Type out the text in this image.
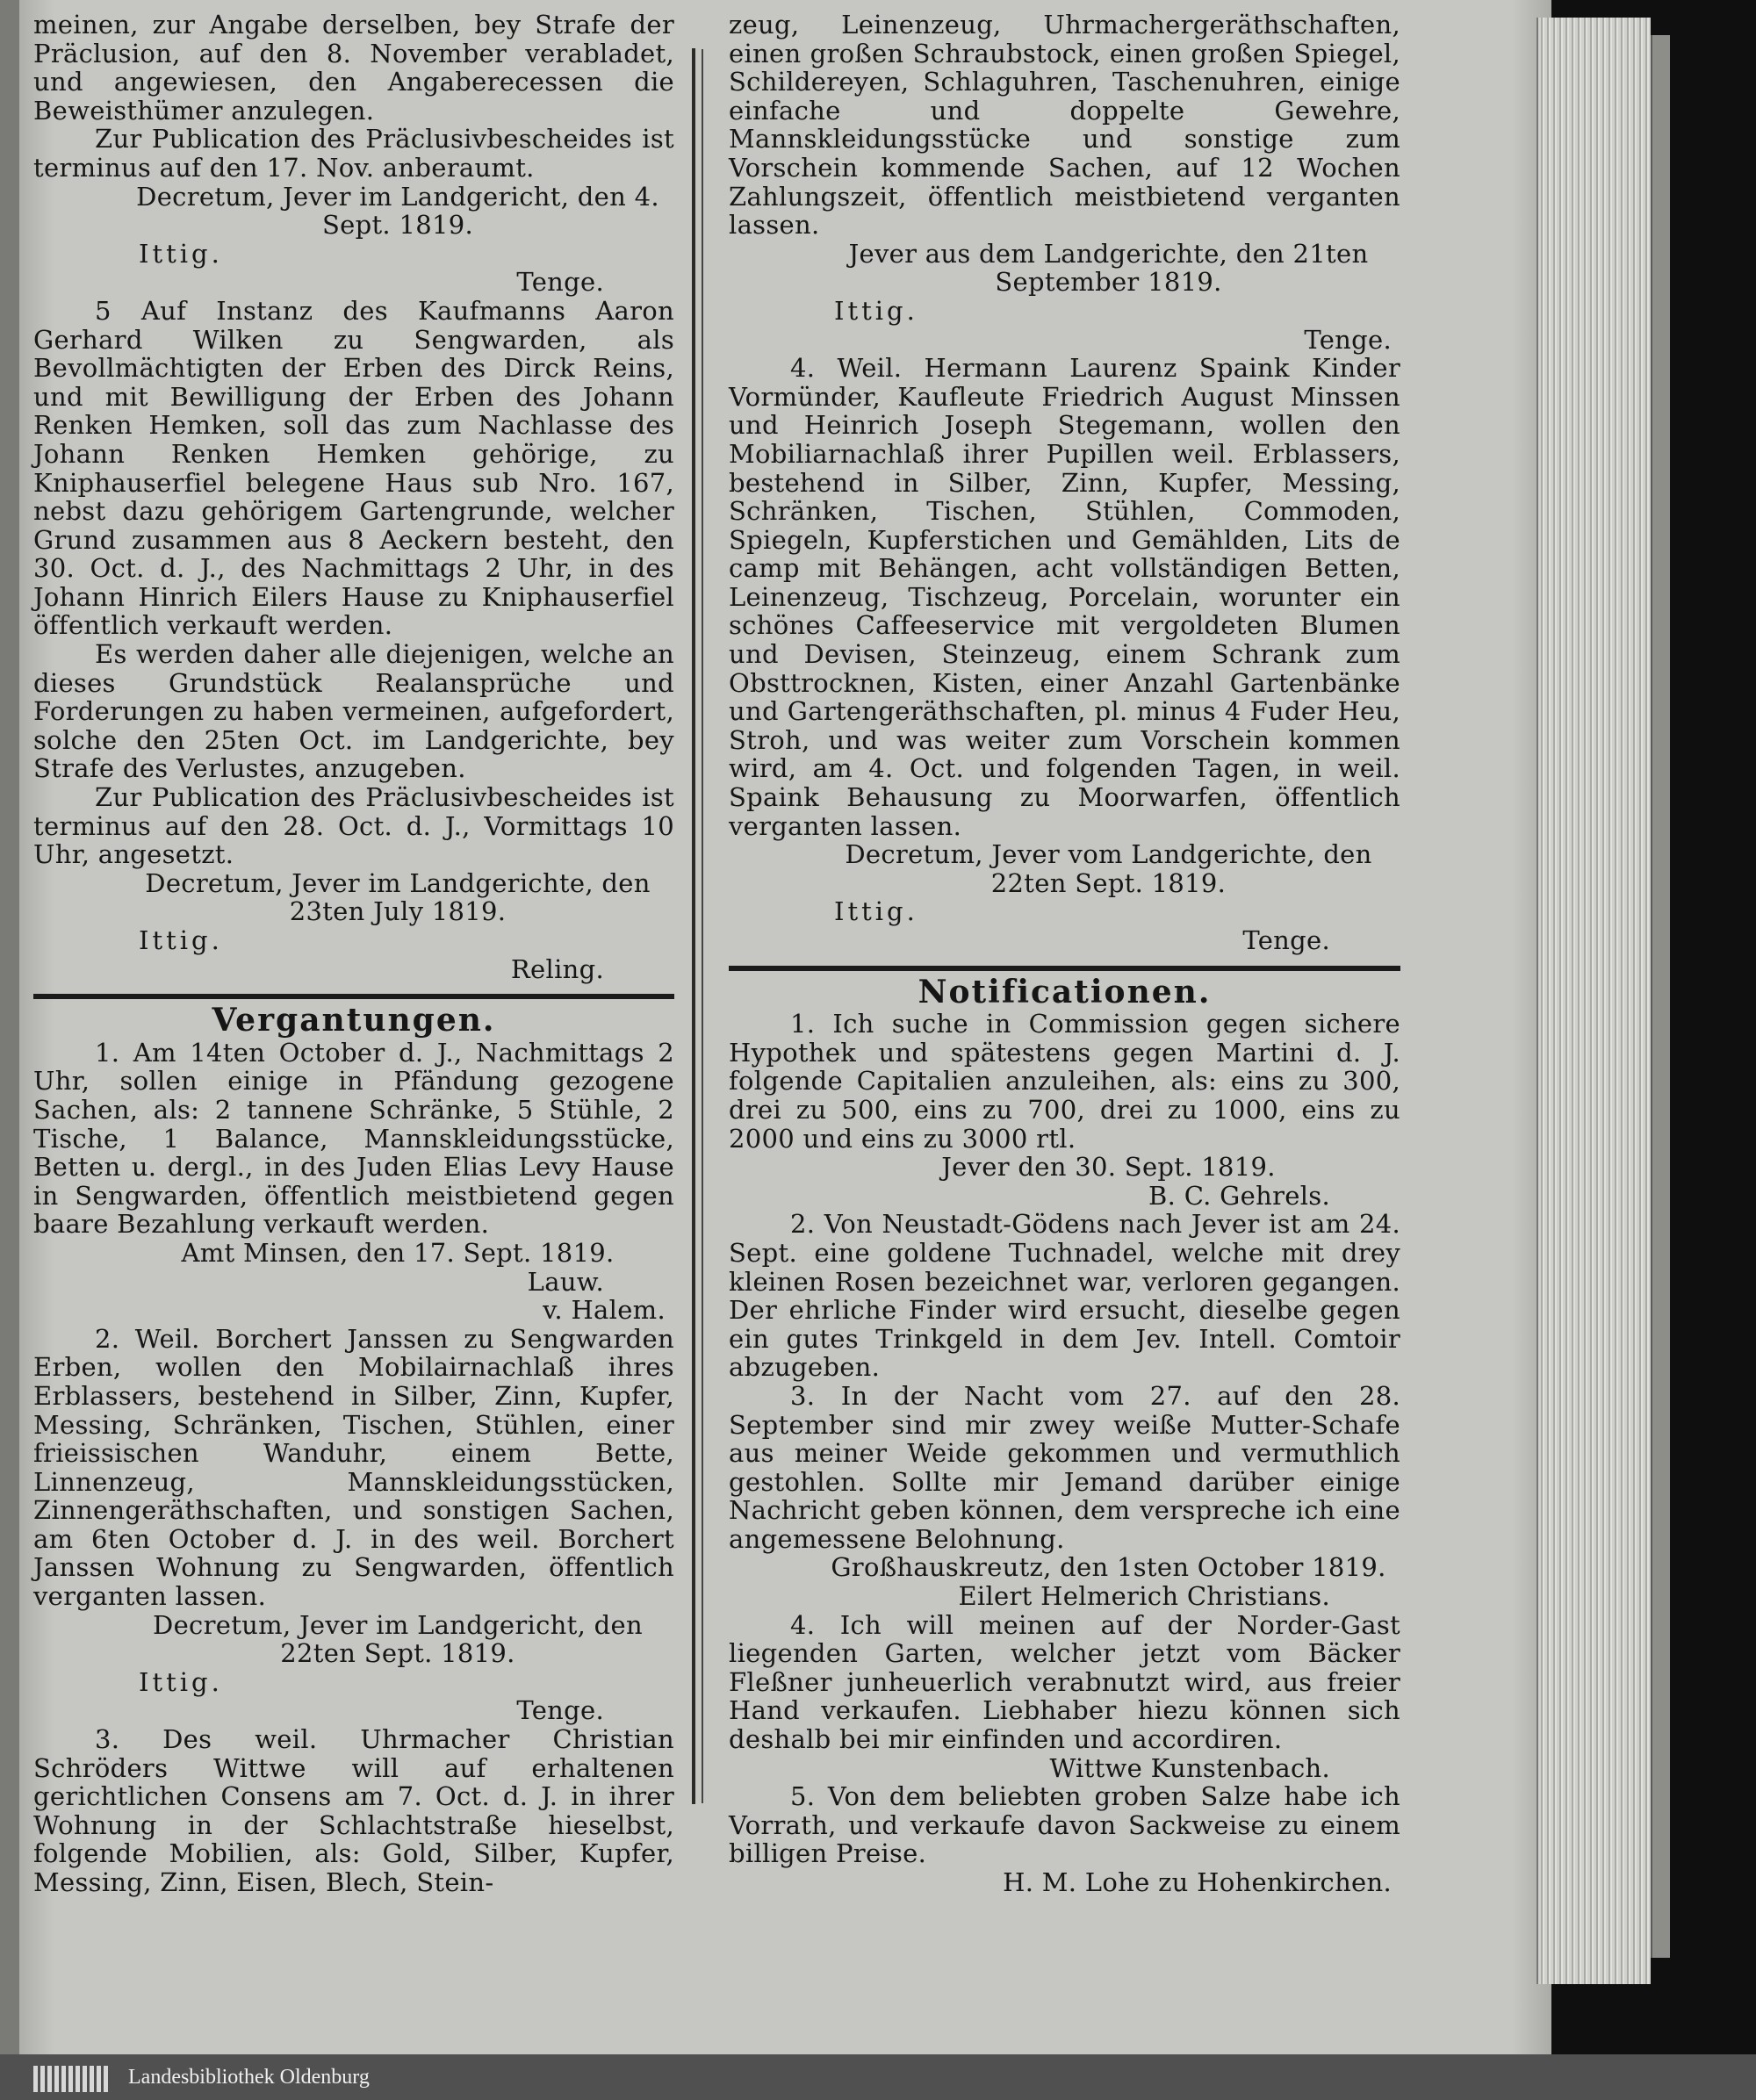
meinen, zur Angabe derselben, bey Strafe der Präclusion, auf den 8. November verabladet, und angewiesen, den Angaberecessen die Beweisthümer anzulegen.
Zur Publication des Präclusivbescheides ist terminus auf den 17. Nov. anberaumt.
Decretum, Jever im Landgericht, den 4. Sept. 1819.
Ittig.
Tenge.
5 Auf Instanz des Kaufmanns Aaron Gerhard Wilken zu Sengwarden, als Bevollmächtigten der Erben des Dirck Reins, und mit Bewilligung der Erben des Johann Renken Hemken, soll das zum Nachlasse des Johann Renken Hemken gehörige, zu Kniphauserfiel belegene Haus sub Nro. 167, nebst dazu gehörigem Gartengrunde, welcher Grund zusammen aus 8 Aeckern besteht, den 30. Oct. d. J., des Nachmittags 2 Uhr, in des Johann Hinrich Eilers Hause zu Kniphauserfiel öffentlich verkauft werden.
Es werden daher alle diejenigen, welche an dieses Grundstück Realansprüche und Forderungen zu haben vermeinen, aufgefordert, solche den 25ten Oct. im Landgerichte, bey Strafe des Verlustes, anzugeben.
Zur Publication des Präclusivbescheides ist terminus auf den 28. Oct. d. J., Vormittags 10 Uhr, angesetzt.
Decretum, Jever im Landgerichte, den 23ten July 1819.
Ittig.
Reling.
Vergantungen.
1. Am 14ten October d. J., Nachmittags 2 Uhr, sollen einige in Pfändung gezogene Sachen, als: 2 tannene Schränke, 5 Stühle, 2 Tische, 1 Balance, Mannskleidungsstücke, Betten u. dergl., in des Juden Elias Levy Hause in Sengwarden, öffentlich meistbietend gegen baare Bezahlung verkauft werden.
Amt Minsen, den 17. Sept. 1819.
Lauw.
v. Halem.
2. Weil. Borchert Janssen zu Sengwarden Erben, wollen den Mobilairnachlaß ihres Erblassers, bestehend in Silber, Zinn, Kupfer, Messing, Schränken, Tischen, Stühlen, einer frieissischen Wanduhr, einem Bette, Linnenzeug, Mannskleidungsstücken, Zinnengeräthschaften, und sonstigen Sachen, am 6ten October d. J. in des weil. Borchert Janssen Wohnung zu Sengwarden, öffentlich verganten lassen.
Decretum, Jever im Landgericht, den 22ten Sept. 1819.
Ittig.
Tenge.
3. Des weil. Uhrmacher Christian Schröders Wittwe will auf erhaltenen gerichtlichen Consens am 7. Oct. d. J. in ihrer Wohnung in der Schlachtstraße hieselbst, folgende Mobilien, als: Gold, Silber, Kupfer, Messing, Zinn, Eisen, Blech, Stein-
zeug, Leinenzeug, Uhrmachergeräthschaften, einen großen Schraubstock, einen großen Spiegel, Schildereyen, Schlaguhren, Taschenuhren, einige einfache und doppelte Gewehre, Mannskleidungsstücke und sonstige zum Vorschein kommende Sachen, auf 12 Wochen Zahlungszeit, öffentlich meistbietend verganten lassen.
Jever aus dem Landgerichte, den 21ten September 1819.
Ittig.
Tenge.
4. Weil. Hermann Laurenz Spaink Kinder Vormünder, Kaufleute Friedrich August Minssen und Heinrich Joseph Stegemann, wollen den Mobiliarnachlaß ihrer Pupillen weil. Erblassers, bestehend in Silber, Zinn, Kupfer, Messing, Schränken, Tischen, Stühlen, Commoden, Spiegeln, Kupferstichen und Gemählden, Lits de camp mit Behängen, acht vollständigen Betten, Leinenzeug, Tischzeug, Porcelain, worunter ein schönes Caffeeservice mit vergoldeten Blumen und Devisen, Steinzeug, einem Schrank zum Obsttrocknen, Kisten, einer Anzahl Gartenbänke und Gartengeräthschaften, pl. minus 4 Fuder Heu, Stroh, und was weiter zum Vorschein kommen wird, am 4. Oct. und folgenden Tagen, in weil. Spaink Behausung zu Moorwarfen, öffentlich verganten lassen.
Decretum, Jever vom Landgerichte, den 22ten Sept. 1819.
Ittig.
Tenge.
Notificationen.
1. Ich suche in Commission gegen sichere Hypothek und spätestens gegen Martini d. J. folgende Capitalien anzuleihen, als: eins zu 300, drei zu 500, eins zu 700, drei zu 1000, eins zu 2000 und eins zu 3000 rtl.
Jever den 30. Sept. 1819.
B. C. Gehrels.
2. Von Neustadt-Gödens nach Jever ist am 24. Sept. eine goldene Tuchnadel, welche mit drey kleinen Rosen bezeichnet war, verloren gegangen. Der ehrliche Finder wird ersucht, dieselbe gegen ein gutes Trinkgeld in dem Jev. Intell. Comtoir abzugeben.
3. In der Nacht vom 27. auf den 28. September sind mir zwey weiße Mutter-Schafe aus meiner Weide gekommen und vermuthlich gestohlen. Sollte mir Jemand darüber einige Nachricht geben können, dem verspreche ich eine angemessene Belohnung.
Großhauskreutz, den 1sten October 1819.
Eilert Helmerich Christians.
4. Ich will meinen auf der Norder-Gast liegenden Garten, welcher jetzt vom Bäcker Fleßner junheuerlich verabnutzt wird, aus freier Hand verkaufen. Liebhaber hiezu können sich deshalb bei mir einfinden und accordiren.
Wittwe Kunstenbach.
5. Von dem beliebten groben Salze habe ich Vorrath, und verkaufe davon Sackweise zu einem billigen Preise.
H. M. Lohe zu Hohenkirchen.
Landesbibliothek Oldenburg
